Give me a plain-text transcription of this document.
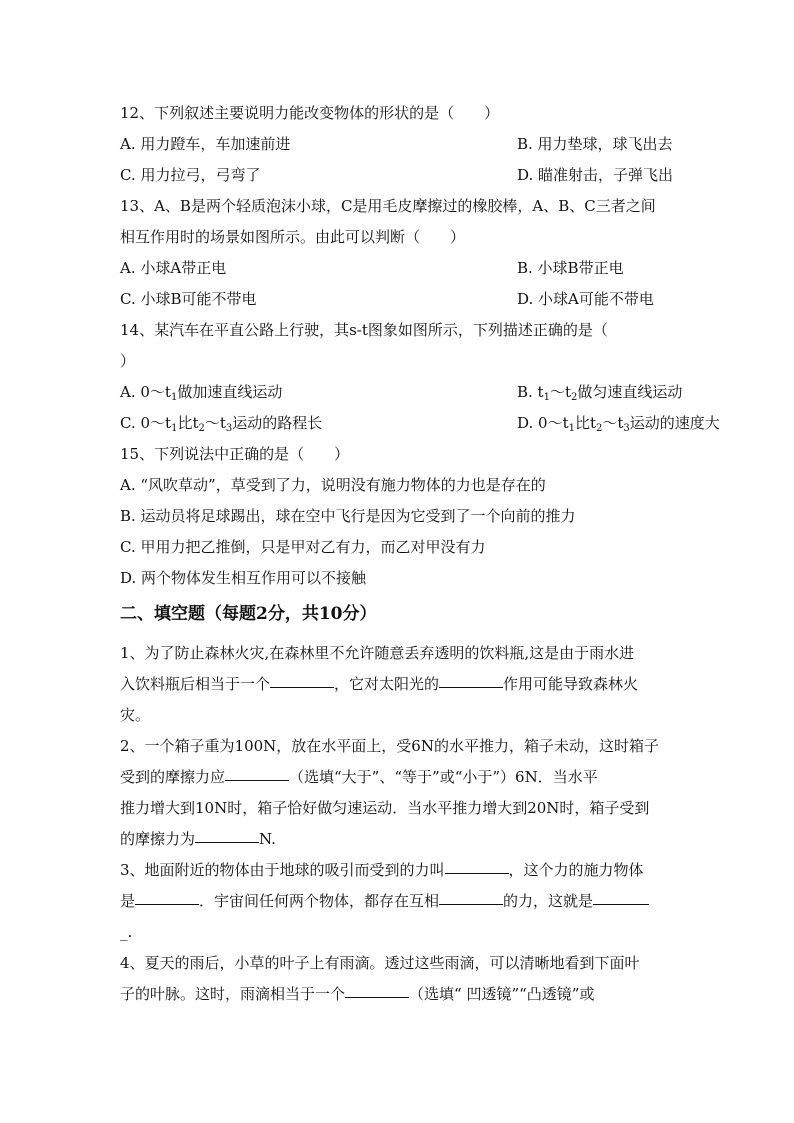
12、下列叙述主要说明力能改变物体的形状的是（　　）
A. 用力蹬车，车加速前进	B. 用力垫球，球飞出去
C. 用力拉弓，弓弯了	D. 瞄准射击，子弹飞出
13、A、B是两个轻质泡沫小球，C是用毛皮摩擦过的橡胶棒，A、B、C三者之间
相互作用时的场景如图所示。由此可以判断（　　）
A. 小球A带正电	B. 小球B带正电
C. 小球B可能不带电	D. 小球A可能不带电
14、某汽车在平直公路上行驶，其s-t图象如图所示，下列描述正确的是（
）
A. $0\sim t_1$做加速直线运动	B. $t_1\sim t_2$做匀速直线运动
C. $0\sim t_1$比$t_2\sim t_3$运动的路程长	D. $0\sim t_1$比$t_2\sim t_3$运动的速度大
15、下列说法中正确的是（　　）
A. “风吹草动”，草受到了力，说明没有施力物体的力也是存在的
B. 运动员将足球踢出，球在空中飞行是因为它受到了一个向前的推力
C. 甲用力把乙推倒，只是甲对乙有力，而乙对甲没有力
D. 两个物体发生相互作用可以不接触
二、填空题（每题2分，共10分）
1、为了防止森林火灾,在森林里不允许随意丢弃透明的饮料瓶,这是由于雨水进
入饮料瓶后相当于一个	，它对太阳光的	作用可能导致森林火
灾。
2、一个箱子重为100N，放在水平面上，受6N的水平推力，箱子未动，这时箱子
受到的摩擦力应	（选填“大于”、“等于”或“小于”）6N．当水平
推力增大到10N时，箱子恰好做匀速运动．当水平推力增大到20N时，箱子受到
的摩擦力为	N.
3、地面附近的物体由于地球的吸引而受到的力叫	，这个力的施力物体
是	．宇宙间任何两个物体，都存在互相	的力，这就是
_.
4、夏天的雨后，小草的叶子上有雨滴。透过这些雨滴，可以清晰地看到下面叶
子的叶脉。这时，雨滴相当于一个	（选填“ 凹透镜”“凸透镜”或
